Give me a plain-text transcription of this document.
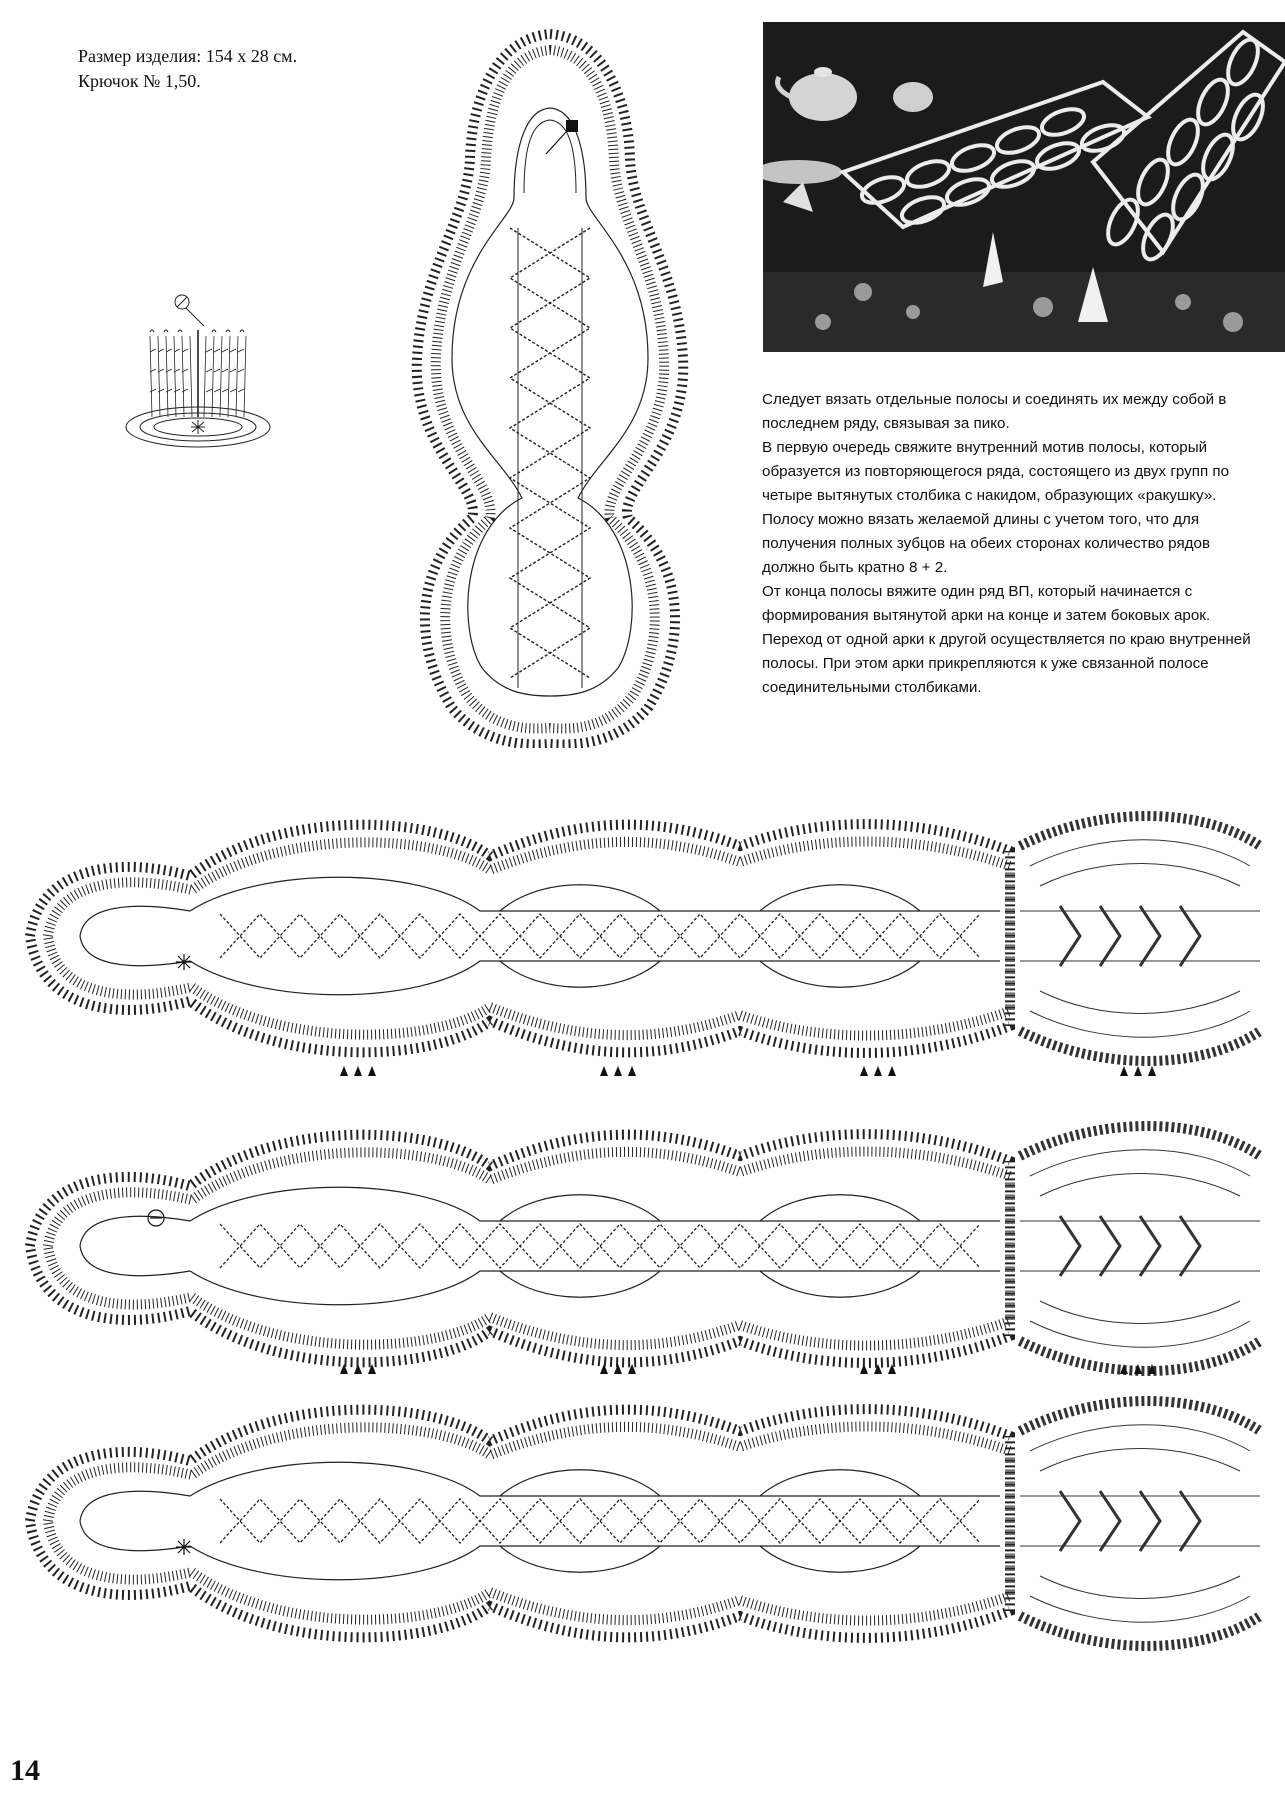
Размер изделия: 154 х 28 см.
Крючок № 1,50.

Следует вязать отдельные полосы и соединять их между собой в последнем ряду, связывая за пико.

В первую очередь свяжите внутренний мотив полосы, который образуется из повторяющегося ряда, состоящего из двух групп по четыре вытянутых столбика с накидом, образующих «ракушку». Полосу можно вязать желаемой длины с учетом того, что для получения полных зубцов на обеих сторонах количество рядов должно быть кратно 8 + 2.

От конца полосы вяжите один ряд ВП, который начинается с формирования вытянутой арки на конце и затем боковых арок. Переход от одной арки к другой осуществляется по краю внутренней полосы. При этом арки прикрепляются к уже связанной полосе соединительными столбиками.

14
